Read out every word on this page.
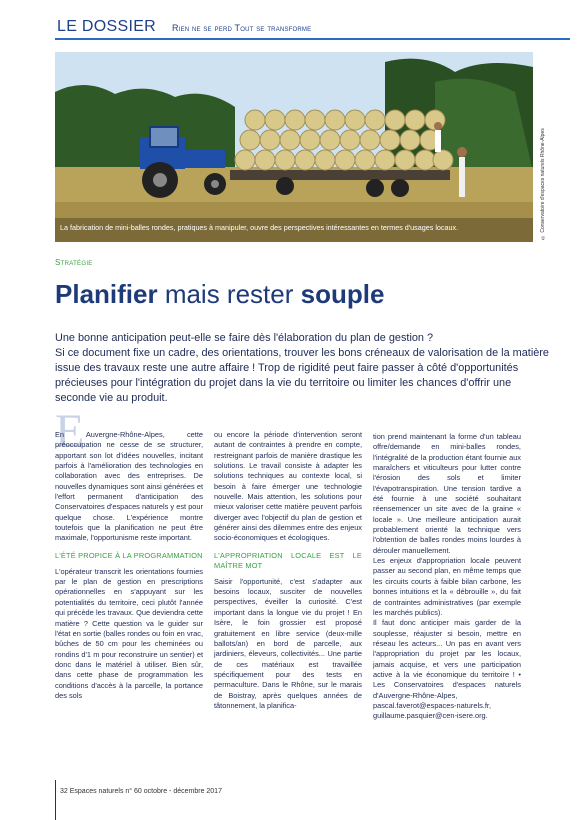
LE DOSSIER Rien ne se perd Tout se transforme
La fabrication de mini-balles rondes, pratiques à manipuler, ouvre des perspectives intéressantes en termes d'usages locaux.	© Conservatoire d'espaces naturels Rhône-Alpes
Stratégie
Planifier mais rester souple

Une bonne anticipation peut-elle se faire dès l'élaboration du plan de gestion ?

Si ce document fixe un cadre, des orientations, trouver les bons créneaux de valorisation de la matière issue des travaux reste une autre affaire ! Trop de rigidité peut faire passer à côté d'opportunités précieuses pour l'intégration du projet dans la vie du territoire ou limiter les chances d'offrir une seconde vie au produit.

E

En Auvergne-Rhône-Alpes, cette préoccupation ne cesse de se structurer, apportant son lot d'idées nouvelles, incitant parfois à l'amélioration des technologies en collaboration avec des entreprises. De nouvelles dynamiques sont ainsi générées et l'effort permanent d'anticipation des Conservatoires d'espaces naturels y est pour quelque chose. L'expérience montre toutefois que la planification ne peut être maximale, l'opportunisme reste important.

L'ÉTÉ PROPICE À LA PROGRAMMATION

L'opérateur transcrit les orientations fournies par le plan de gestion en prescriptions opérationnelles en s'appuyant sur les potentialités du territoire, ceci plutôt l'année qui précède les travaux. Que deviendra cette matière ? Cette question va le guider sur l'état en sortie (balles rondes ou foin en vrac, bûches de 50 cm pour les cheminées ou rondins d'1 m pour reconstruire un sentier) et donc dans le matériel à utiliser. Bien sûr, dans cette phase de programmation les conditions d'accès à la parcelle, la portance des sols

ou encore la période d'intervention seront autant de contraintes à prendre en compte, restreignant parfois de manière drastique les solutions. Le travail consiste à adapter les solutions techniques au contexte local, si besoin à faire émerger une technologie nouvelle. Mais attention, les solutions pour mieux valoriser cette matière peuvent parfois diverger avec l'objectif du plan de gestion et générer ainsi des dilemmes entre des enjeux socio-économiques et écologiques.

L'APPROPRIATION LOCALE EST LE MAÎTRE MOT

Saisir l'opportunité, c'est s'adapter aux besoins locaux, susciter de nouvelles perspectives, éveiller la curiosité. C'est important dans la longue vie du projet ! En Isère, le foin grossier est proposé gratuitement en libre service (deux-mille ballots/an) en bord de parcelle, aux jardiniers, éleveurs, collectivités... Une partie de ces matériaux est travaillée spécifiquement pour des tests en permaculture. Dans le Rhône, sur le marais de Boistray, après quelques années de tâtonnement, la planifica-

tion prend maintenant la forme d'un tableau offre/demande en mini-balles rondes, l'intégralité de la production étant fournie aux maraîchers et viticulteurs pour lutter contre l'érosion des sols et limiter l'évapotranspiration. Une tension tardive a été fournie à une société souhaitant réensemencer un site avec de la graine « locale ». Une meilleure anticipation aurait probablement orienté la technique vers l'obtention de balles rondes moins lourdes à dérouler manuellement.

Les enjeux d'appropriation locale peuvent passer au second plan, en même temps que les circuits courts à faible bilan carbone, les bonnes intuitions et la « débrouille », du fait de contraintes administratives (par exemple les marchés publics).

Il faut donc anticiper mais garder de la souplesse, réajuster si besoin, mettre en réseau les acteurs... Un pas en avant vers l'appropriation du projet par les locaux, jamais acquise, et vers une participation active à la vie économique du territoire ! • Les Conservatoires d'espaces naturels d'Auvergne-Rhône-Alpes, pascal.faverot@espaces-naturels.fr, guillaume.pasquier@cen-isere.org.

32 Espaces naturels n° 60 octobre - décembre 2017
